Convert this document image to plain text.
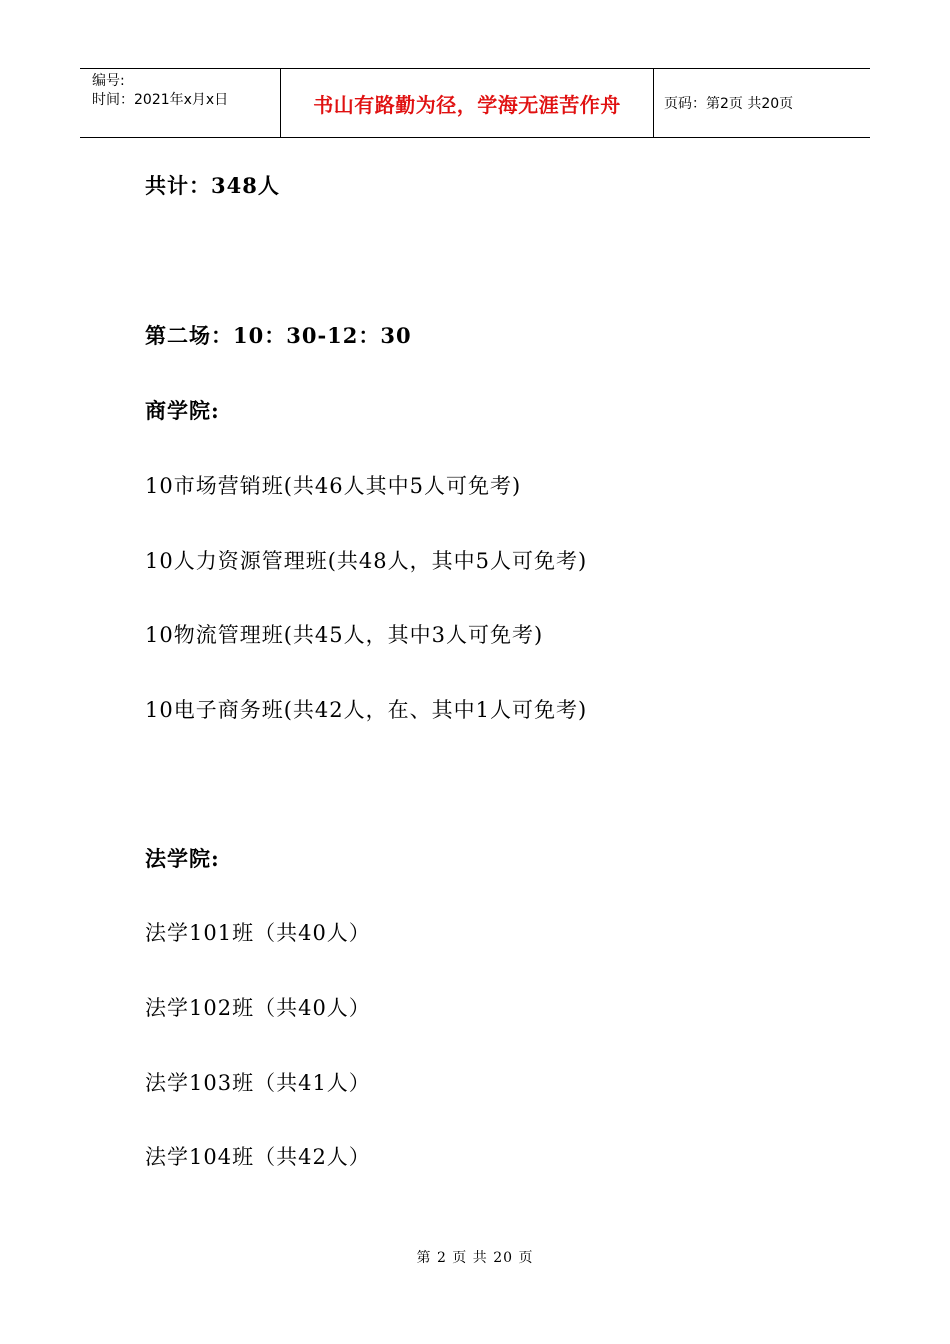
编号:
时间：2021年x月x日	书山有路勤为径，学海无涯苦作舟	页码：第2页 共20页
共计：348人
第二场：10：30-12：30
商学院:
10市场营销班(共46人其中5人可免考)
10人力资源管理班(共48人，其中5人可免考)
10物流管理班(共45人，其中3人可免考)
10电子商务班(共42人，在、其中1人可免考)
法学院:
法学101班（共40人）
法学102班（共40人）
法学103班（共41人）
法学104班（共42人）
第 2 页 共 20 页
